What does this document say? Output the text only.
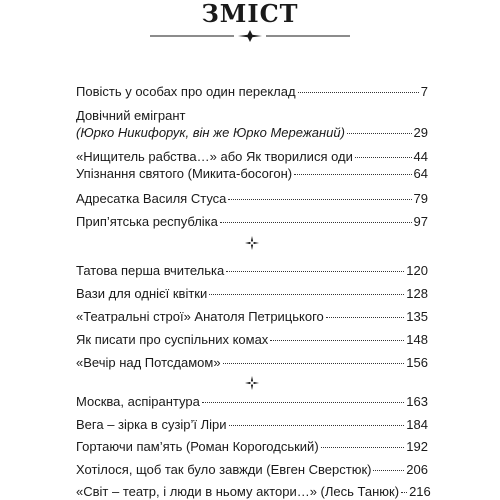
ЗМІСТ
Повість у особах про один переклад	7
Довічний емігрант
(Юрко Никифорук, він же Юрко Мережаний)	29
«Нищитель рабства…» або Як творилися оди	44
Упізнання святого (Микита-босогон)	64
Адресатка Василя Стуса	79
Прип’ятська республіка	97
Татова перша вчителька	120
Вази для однієї квітки	128
«Театральні строї» Анатоля Петрицького	135
Як писати про суспільних комах	148
«Вечір над Потсдамом»	156
Москва, аспірантура	163
Вега – зірка в сузір’ї Ліри	184
Гортаючи пам’ять (Роман Корогодський)	192
Хотілося, щоб так було завжди (Евген Сверстюк)	206
«Світ – театр, і люди в ньому актори…» (Лесь Танюк) 216
